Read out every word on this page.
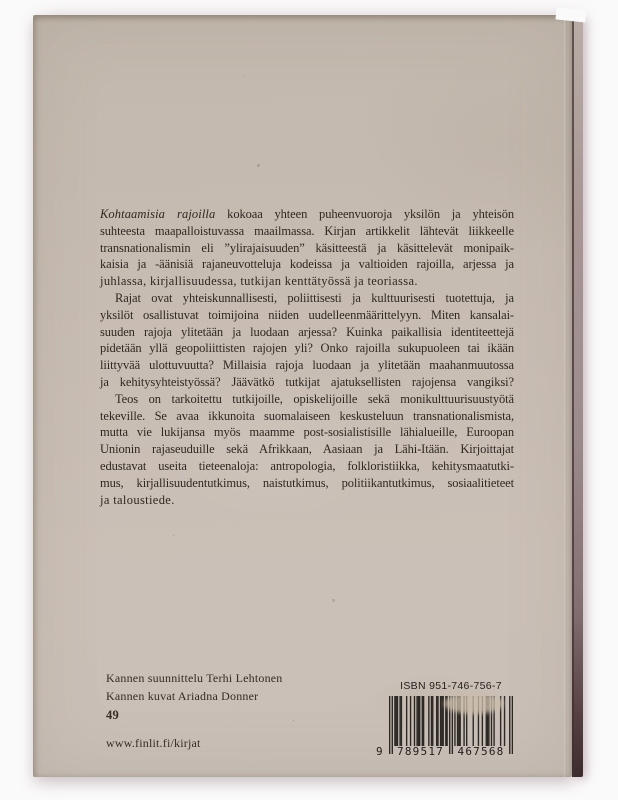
Kohtaamisia rajoilla kokoaa yhteen puheenvuoroja yksilön ja yhteisön
suhteesta maapalloistuvassa maailmassa. Kirjan artikkelit lähtevät liikkeelle
transnationalismin eli ”ylirajaisuuden” käsitteestä ja käsittelevät monipaik-
kaisia ja -äänisiä rajaneuvotteluja kodeissa ja valtioiden rajoilla, arjessa ja
juhlassa, kirjallisuudessa, tutkijan kenttätyössä ja teoriassa.
Rajat ovat yhteiskunnallisesti, poliittisesti ja kulttuurisesti tuotettuja, ja
yksilöt osallistuvat toimijoina niiden uudelleenmäärittelyyn. Miten kansalai-
suuden rajoja ylitetään ja luodaan arjessa? Kuinka paikallisia identiteettejä
pidetään yllä geopoliittisten rajojen yli? Onko rajoilla sukupuoleen tai ikään
liittyvää ulottuvuutta? Millaisia rajoja luodaan ja ylitetään maahanmuutossa
ja kehitysyhteistyössä? Jäävätkö tutkijat ajatuksellisten rajojensa vangiksi?
Teos on tarkoitettu tutkijoille, opiskelijoille sekä monikulttuurisuustyötä
tekeville. Se avaa ikkunoita suomalaiseen keskusteluun transnationalismista,
mutta vie lukijansa myös maamme post-sosialistisille lähialueille, Euroopan
Unionin rajaseuduille sekä Afrikkaan, Aasiaan ja Lähi-Itään. Kirjoittajat
edustavat useita tieteenaloja: antropologia, folkloristiikka, kehitysmaatutki-
mus, kirjallisuudentutkimus, naistutkimus, politiikantutkimus, sosiaalitieteet
ja taloustiede.
Kannen suunnittelu Terhi Lehtonen
Kannen kuvat Ariadna Donner
49
www.finlit.fi/kirjat
ISBN 951-746-756-7
9	789517	467568
